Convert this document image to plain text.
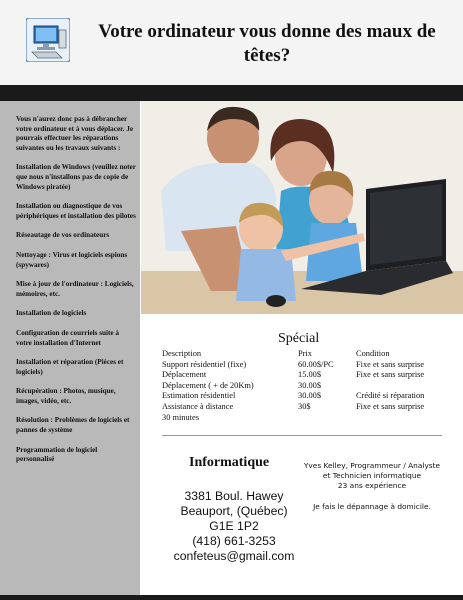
Votre ordinateur vous donne des maux de têtes?
Vous n'aurez donc pas à débrancher votre ordinateur et à vous déplacer. Je pourrais effectuer les réparations suivantes ou les travaux suivants :
Installation de Windows (veuillez noter que nous n'installons pas de copie de Windows piratée)
Installation ou diagnostique de vos périphériques et installation des pilotes
Réseautage de vos ordinateurs
Nettoyage : Virus et logiciels espions (spywares)
Mise à jour de l'ordinateur : Logiciels, mémoires, etc.
Installation de logiciels
Configuration de courriels suite à votre installation d'Internet
Installation et réparation (Pièces et logiciels)
Récupération : Photos, musique, images, vidéo, etc.
Résolution : Problèmes de logiciels et pannes de système
Programmation de logiciel personnalisé
Spécial
Description	Prix	Condition
Support résidentiel (fixe)	60.00$/PC	Fixe et sans surprise
Déplacement	15.00$	Fixe et sans surprise
Déplacement ( + de 20Km)	30.00$	
Estimation résidentiel	30.00$	Crédité si réparation
Assistance à distance	30$	Fixe et sans surprise
30 minutes		
Informatique
3381 Boul. Hawey
Beauport, (Québec)
G1E 1P2
(418) 661-3253
confeteus@gmail.com
Yves Kelley, Programmeur / Analyste et Technicien informatique
23 ans expérience
Je fais le dépannage à domicile.
